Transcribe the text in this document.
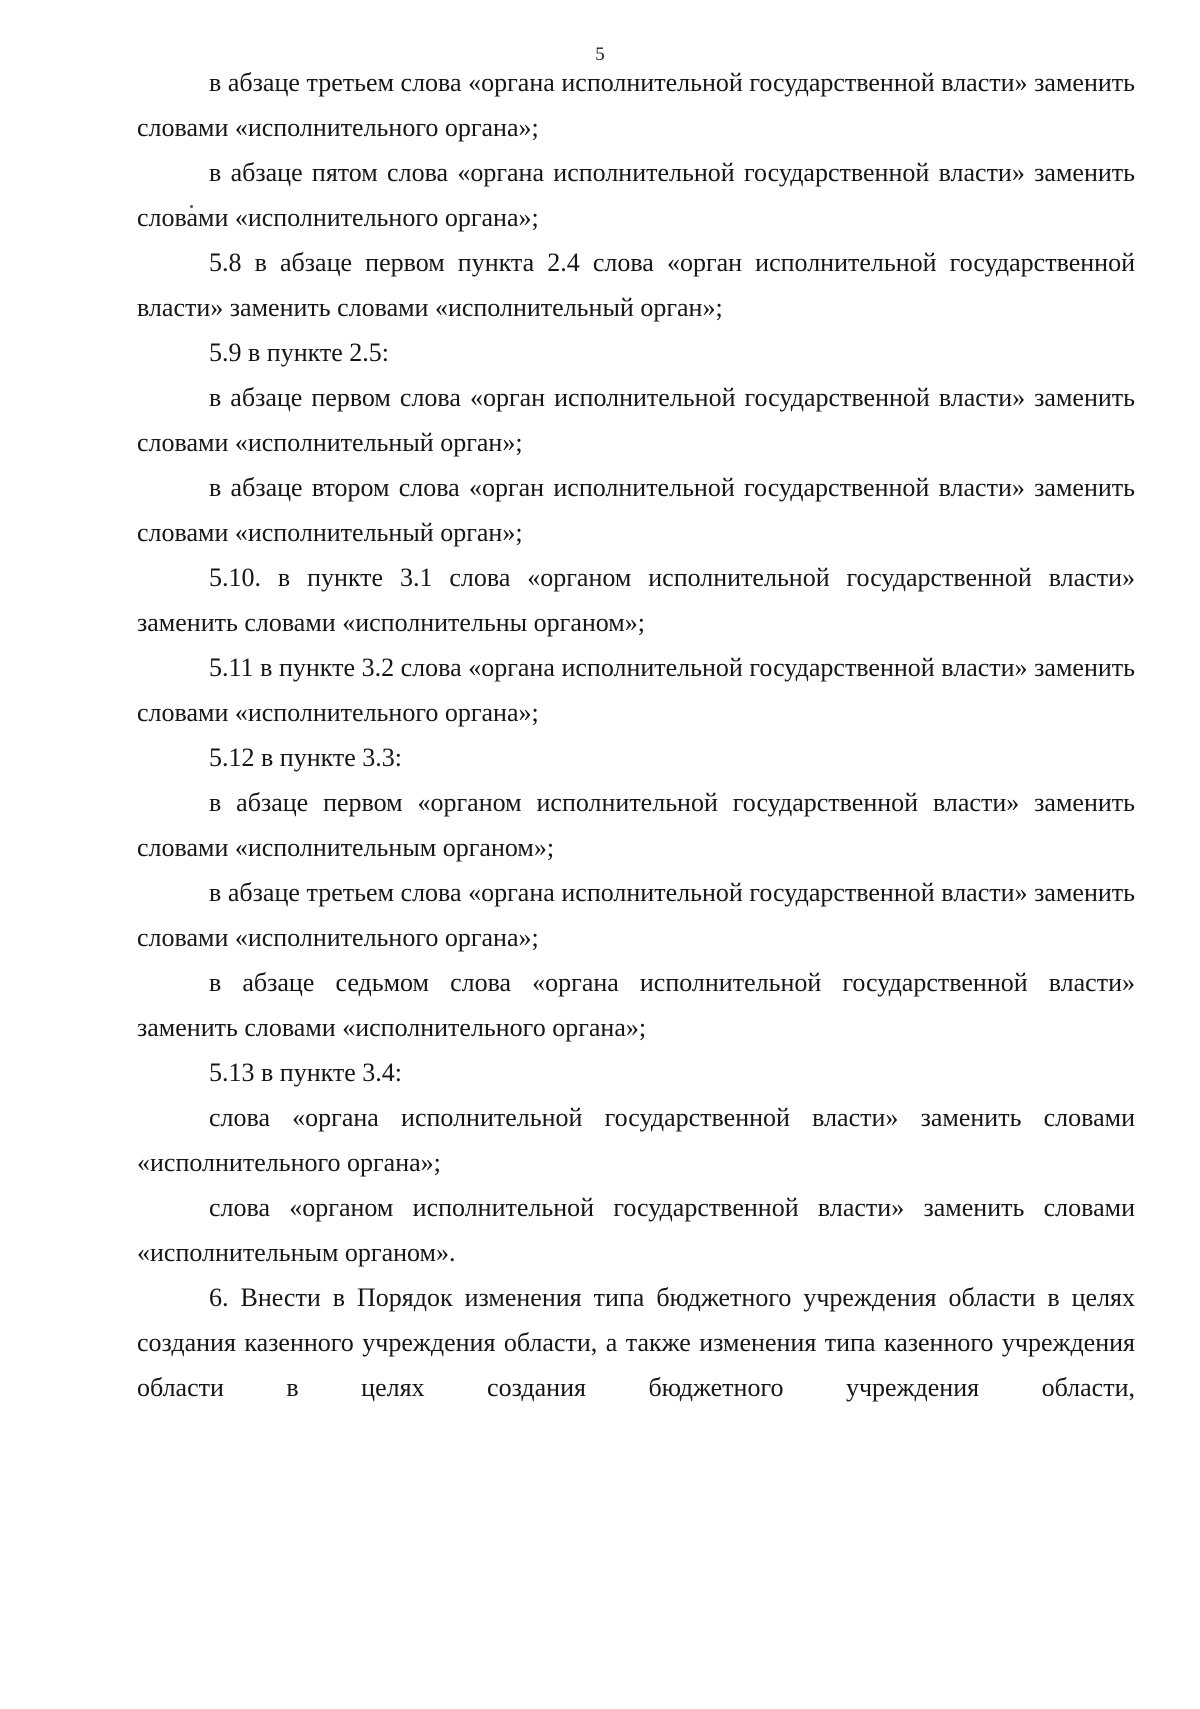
5

в абзаце третьем слова «органа исполнительной государственной власти» заменить словами «исполнительного органа»;

в абзаце пятом слова «органа исполнительной государственной власти» заменить словами «исполнительного органа»;

5.8 в абзаце первом пункта 2.4 слова «орган исполнительной государственной власти» заменить словами «исполнительный орган»;

5.9 в пункте 2.5:

в абзаце первом слова «орган исполнительной государственной власти» заменить словами «исполнительный орган»;

в абзаце втором слова «орган исполнительной государственной власти» заменить словами «исполнительный орган»;

5.10. в пункте 3.1 слова «органом исполнительной государственной власти» заменить словами «исполнительны органом»;

5.11 в пункте 3.2 слова «органа исполнительной государственной власти» заменить словами «исполнительного органа»;

5.12 в пункте 3.3:

в абзаце первом «органом исполнительной государственной власти» заменить словами «исполнительным органом»;

в абзаце третьем слова «органа исполнительной государственной власти» заменить словами «исполнительного органа»;

в абзаце седьмом слова «органа исполнительной государственной власти» заменить словами «исполнительного органа»;

5.13 в пункте 3.4:

слова «органа исполнительной государственной власти» заменить словами «исполнительного органа»;

слова «органом исполнительной государственной власти» заменить словами «исполнительным органом».

6. Внести в Порядок изменения типа бюджетного учреждения области в целях создания казенного учреждения области, а также изменения типа казенного учреждения области в целях создания бюджетного учреждения области,
